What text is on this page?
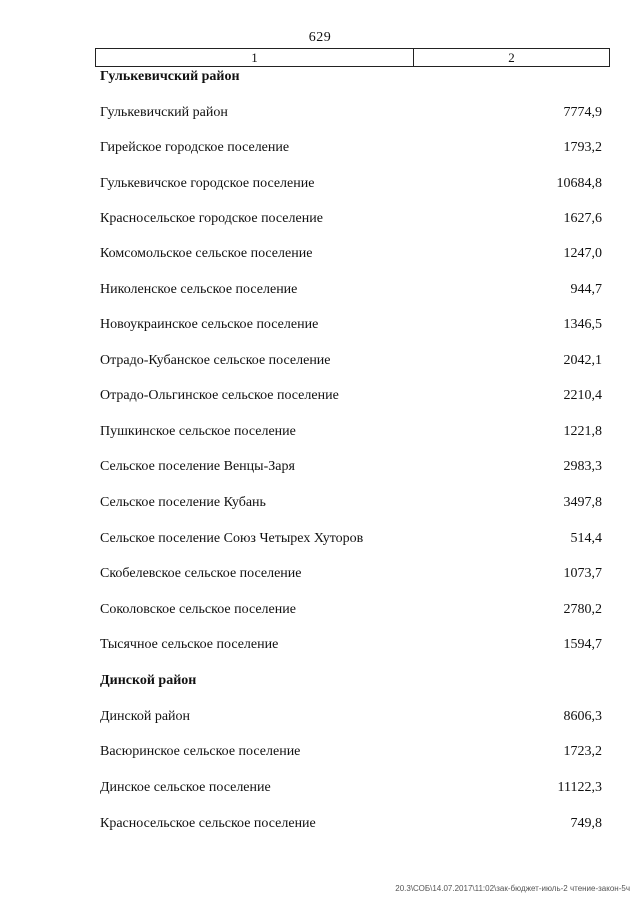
629
1	2
Гулькевичский район
Гулькевичский район	7774,9
Гирейское городское поселение	1793,2
Гулькевичское городское поселение	10684,8
Красносельское городское поселение	1627,6
Комсомольское сельское поселение	1247,0
Николенское сельское поселение	944,7
Новоукраинское сельское поселение	1346,5
Отрадо-Кубанское сельское поселение	2042,1
Отрадо-Ольгинское сельское поселение	2210,4
Пушкинское сельское поселение	1221,8
Сельское поселение Венцы-Заря	2983,3
Сельское поселение Кубань	3497,8
Сельское поселение Союз Четырех Хуторов	514,4
Скобелевское сельское поселение	1073,7
Соколовское сельское поселение	2780,2
Тысячное сельское поселение	1594,7
Динской район
Динской район	8606,3
Васюринское сельское поселение	1723,2
Динское сельское поселение	11122,3
Красносельское сельское поселение	749,8
20.3\СОБ\14.07.2017\11:02\зак-бюджет-июль-2 чтение-закон-5ч
